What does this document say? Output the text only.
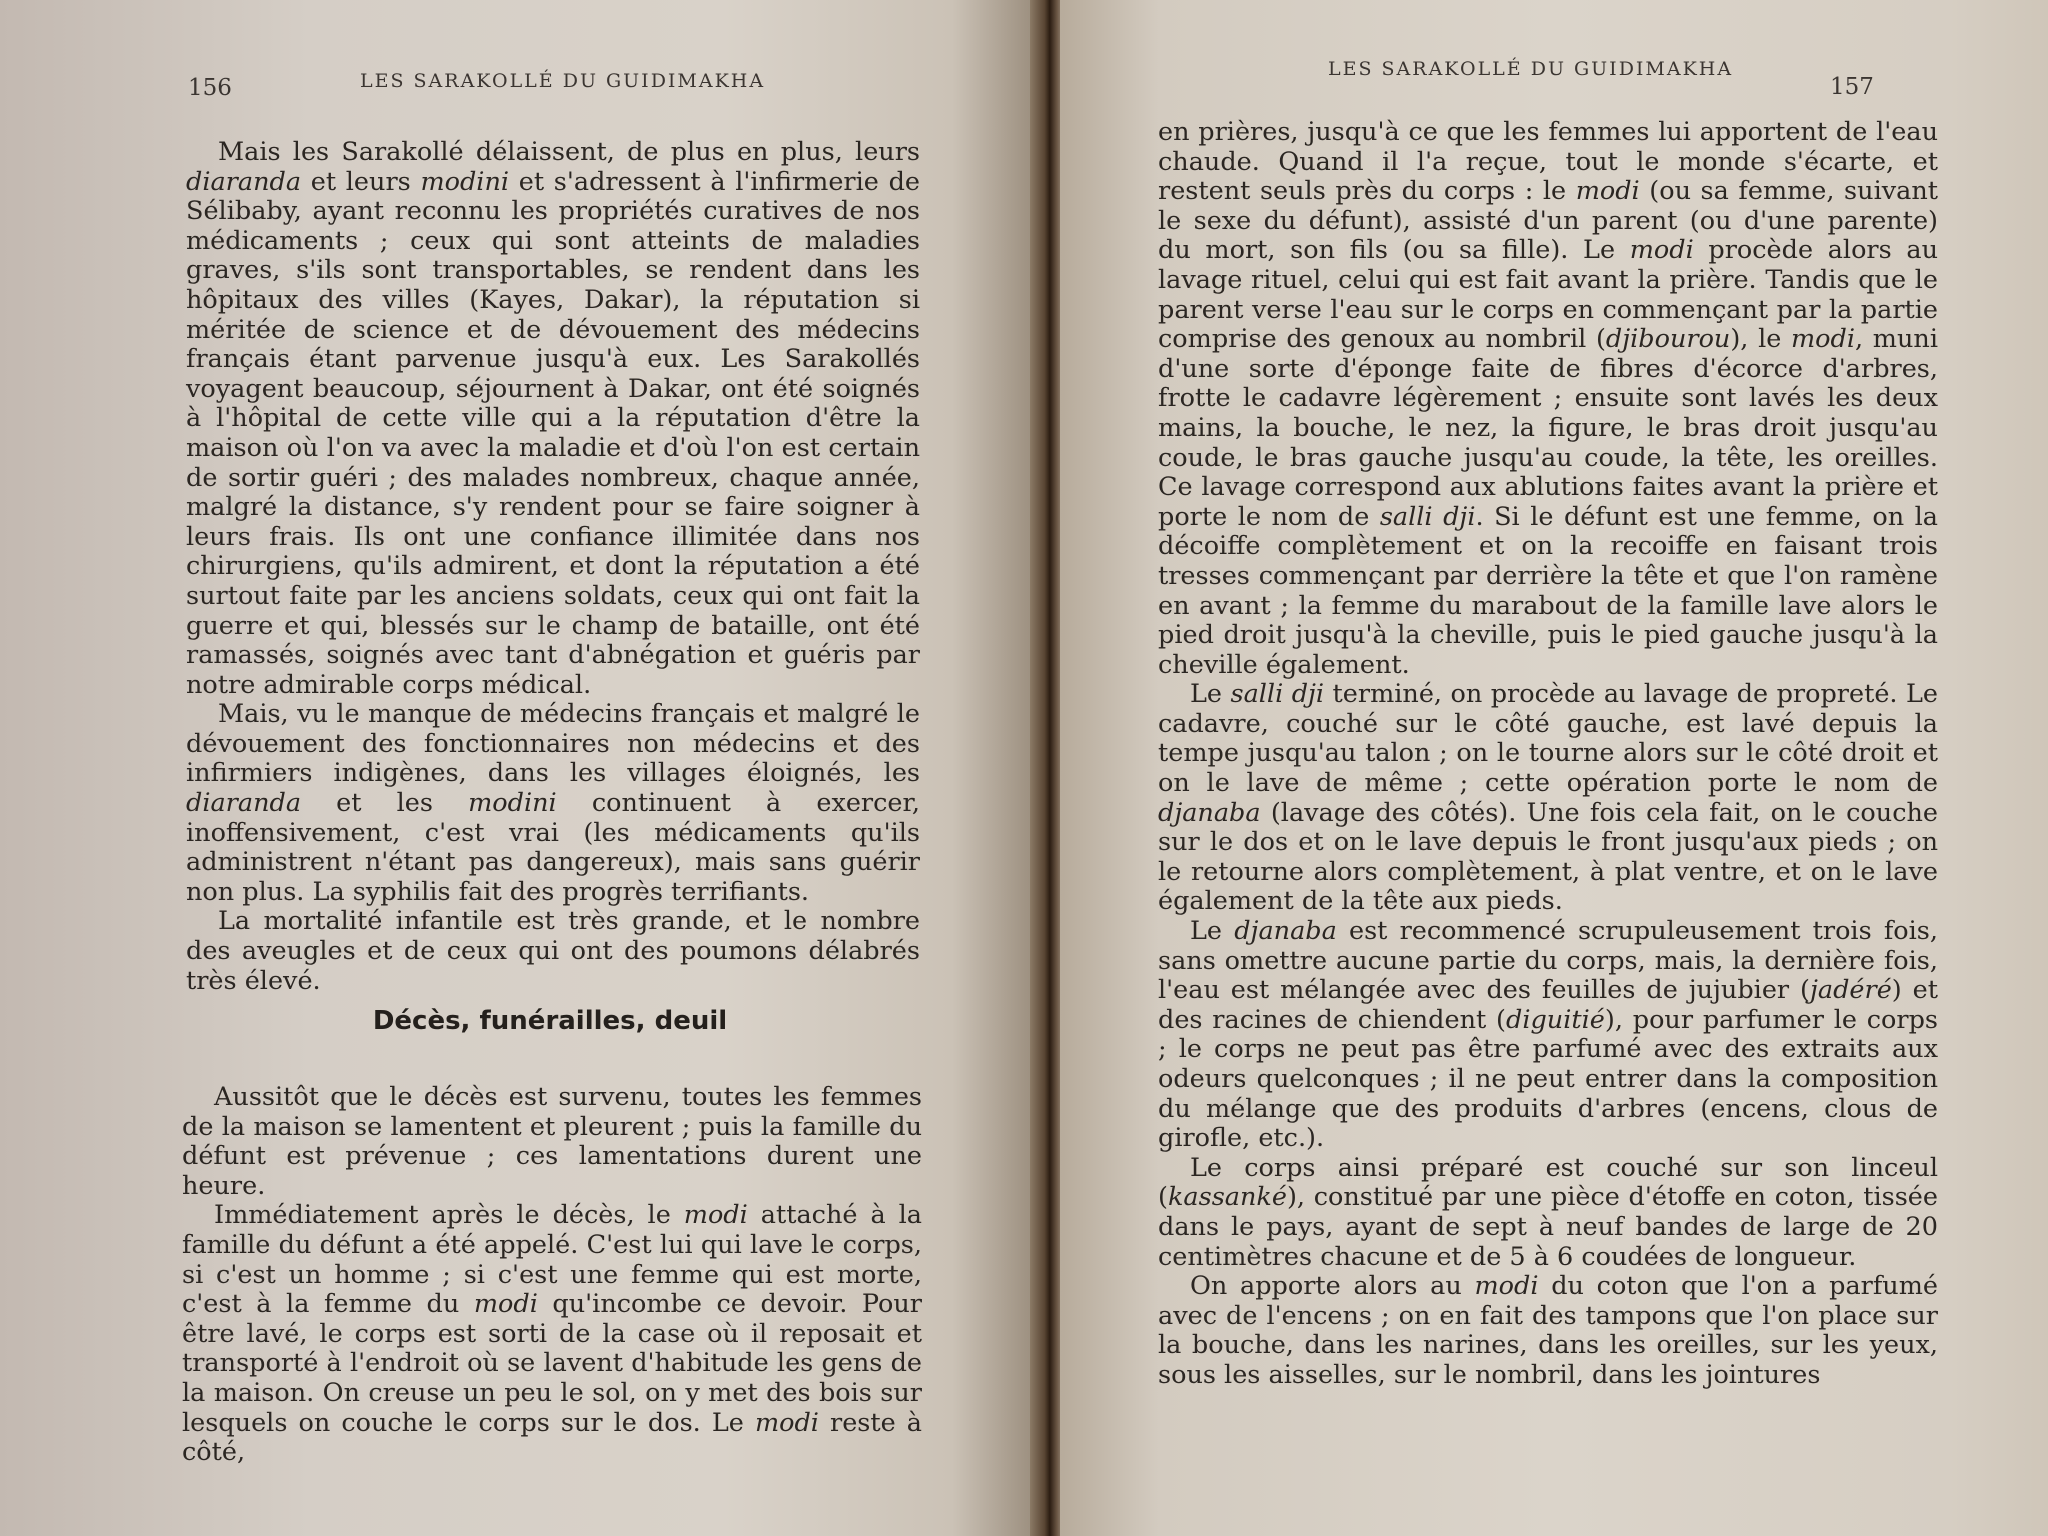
156	LES SARAKOLLÉ DU GUIDIMAKHA

Mais les Sarakollé délaissent, de plus en plus, leurs diaranda et leurs modini et s'adressent à l'infirmerie de Sélibaby, ayant reconnu les propriétés curatives de nos médicaments ; ceux qui sont atteints de maladies graves, s'ils sont transportables, se rendent dans les hôpitaux des villes (Kayes, Dakar), la réputation si méritée de science et de dévouement des médecins français étant parvenue jusqu'à eux. Les Sarakollés voyagent beaucoup, séjournent à Dakar, ont été soignés à l'hôpital de cette ville qui a la réputation d'être la maison où l'on va avec la maladie et d'où l'on est certain de sortir guéri ; des malades nombreux, chaque année, malgré la distance, s'y rendent pour se faire soigner à leurs frais. Ils ont une confiance illimitée dans nos chirurgiens, qu'ils admirent, et dont la réputation a été surtout faite par les anciens soldats, ceux qui ont fait la guerre et qui, blessés sur le champ de bataille, ont été ramassés, soignés avec tant d'abnégation et guéris par notre admirable corps médical.

Mais, vu le manque de médecins français et malgré le dévouement des fonctionnaires non médecins et des infirmiers indigènes, dans les villages éloignés, les diaranda et les modini continuent à exercer, inoffensivement, c'est vrai (les médicaments qu'ils administrent n'étant pas dangereux), mais sans guérir non plus. La syphilis fait des progrès terrifiants.

La mortalité infantile est très grande, et le nombre des aveugles et de ceux qui ont des poumons délabrés très élevé.

Décès, funérailles, deuil

Aussitôt que le décès est survenu, toutes les femmes de la maison se lamentent et pleurent ; puis la famille du défunt est prévenue ; ces lamentations durent une heure.

Immédiatement après le décès, le modi attaché à la famille du défunt a été appelé. C'est lui qui lave le corps, si c'est un homme ; si c'est une femme qui est morte, c'est à la femme du modi qu'incombe ce devoir. Pour être lavé, le corps est sorti de la case où il reposait et transporté à l'endroit où se lavent d'habitude les gens de la maison. On creuse un peu le sol, on y met des bois sur lesquels on couche le corps sur le dos. Le modi reste à côté,

LES SARAKOLLÉ DU GUIDIMAKHA
157

en prières, jusqu'à ce que les femmes lui apportent de l'eau chaude. Quand il l'a reçue, tout le monde s'écarte, et restent seuls près du corps : le modi (ou sa femme, suivant le sexe du défunt), assisté d'un parent (ou d'une parente) du mort, son fils (ou sa fille). Le modi procède alors au lavage rituel, celui qui est fait avant la prière. Tandis que le parent verse l'eau sur le corps en commençant par la partie comprise des genoux au nombril (djibourou), le modi, muni d'une sorte d'éponge faite de fibres d'écorce d'arbres, frotte le cadavre légèrement ; ensuite sont lavés les deux mains, la bouche, le nez, la figure, le bras droit jusqu'au coude, le bras gauche jusqu'au coude, la tête, les oreilles. Ce lavage correspond aux ablutions faites avant la prière et porte le nom de salli dji. Si le défunt est une femme, on la décoiffe complètement et on la recoiffe en faisant trois tresses commençant par derrière la tête et que l'on ramène en avant ; la femme du marabout de la famille lave alors le pied droit jusqu'à la cheville, puis le pied gauche jusqu'à la cheville également.

Le salli dji terminé, on procède au lavage de propreté. Le cadavre, couché sur le côté gauche, est lavé depuis la tempe jusqu'au talon ; on le tourne alors sur le côté droit et on le lave de même ; cette opération porte le nom de djanaba (lavage des côtés). Une fois cela fait, on le couche sur le dos et on le lave depuis le front jusqu'aux pieds ; on le retourne alors complètement, à plat ventre, et on le lave également de la tête aux pieds.

Le djanaba est recommencé scrupuleusement trois fois, sans omettre aucune partie du corps, mais, la dernière fois, l'eau est mélangée avec des feuilles de jujubier (jadéré) et des racines de chiendent (diguitié), pour parfumer le corps ; le corps ne peut pas être parfumé avec des extraits aux odeurs quelconques ; il ne peut entrer dans la composition du mélange que des produits d'arbres (encens, clous de girofle, etc.).

Le corps ainsi préparé est couché sur son linceul (kassanké), constitué par une pièce d'étoffe en coton, tissée dans le pays, ayant de sept à neuf bandes de large de 20 centimètres chacune et de 5 à 6 coudées de longueur.

On apporte alors au modi du coton que l'on a parfumé avec de l'encens ; on en fait des tampons que l'on place sur la bouche, dans les narines, dans les oreilles, sur les yeux, sous les aisselles, sur le nombril, dans les jointures
